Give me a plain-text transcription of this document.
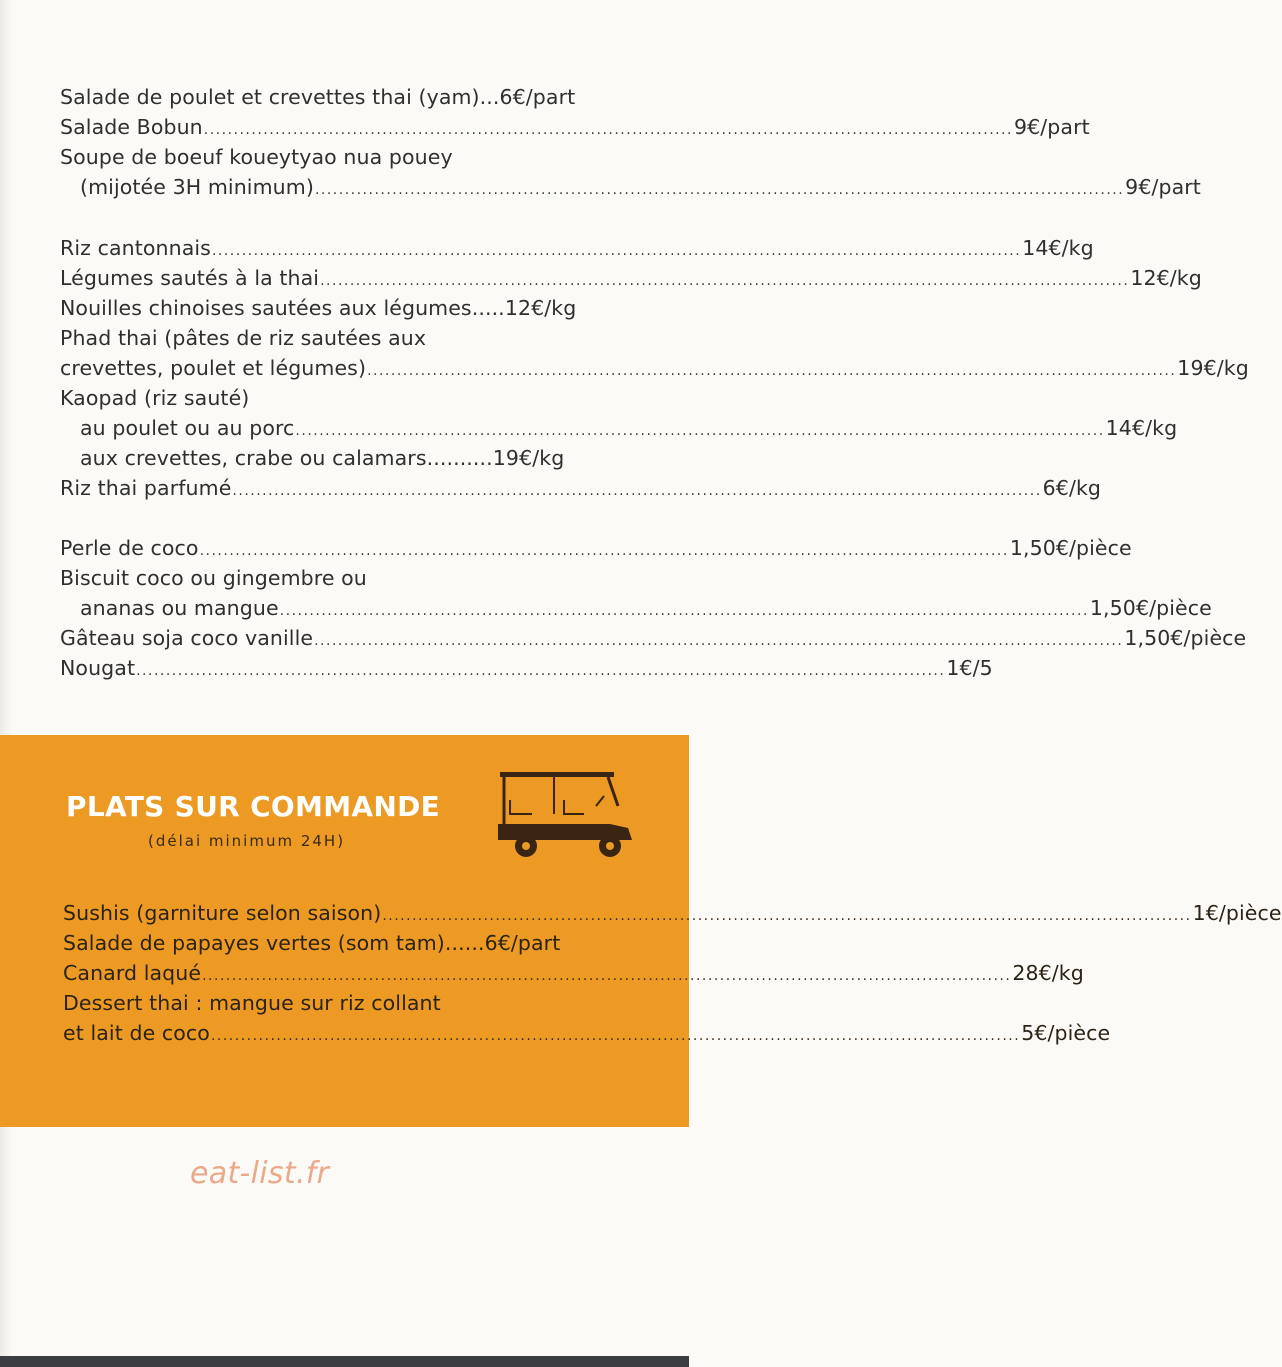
Salade de poulet et crevettes thai (yam) ... 6€/part
Salade Bobun .....	9€/part
Soupe de boeuf koueytyao nua pouey
(mijotée 3H minimum) .....	9€/part
Riz cantonnais .....	14€/kg
Légumes sautés à la thai .....	12€/kg
Nouilles chinoises sautées aux légumes ..... 12€/kg
Phad thai (pâtes de riz sautées aux
crevettes, poulet et légumes) .....	19€/kg
Kaopad (riz sauté)
au poulet ou au porc .....	14€/kg
aux crevettes, crabe ou calamars .......... 19€/kg
Riz thai parfumé .....	6€/kg
Perle de coco .....	1,50€/pièce
Biscuit coco ou gingembre ou
ananas ou mangue .....	1,50€/pièce
Gâteau soja coco vanille .....	1,50€/pièce
Nougat .....	1€/5
PLATS SUR COMMANDE
(délai minimum 24H)
Sushis (garniture selon saison) .....	1€/pièce
Salade de papayes vertes (som tam) ...... 6€/part
Canard laqué .....	28€/kg
Dessert thai : mangue sur riz collant
et lait de coco .....	5€/pièce
eat-list.fr
